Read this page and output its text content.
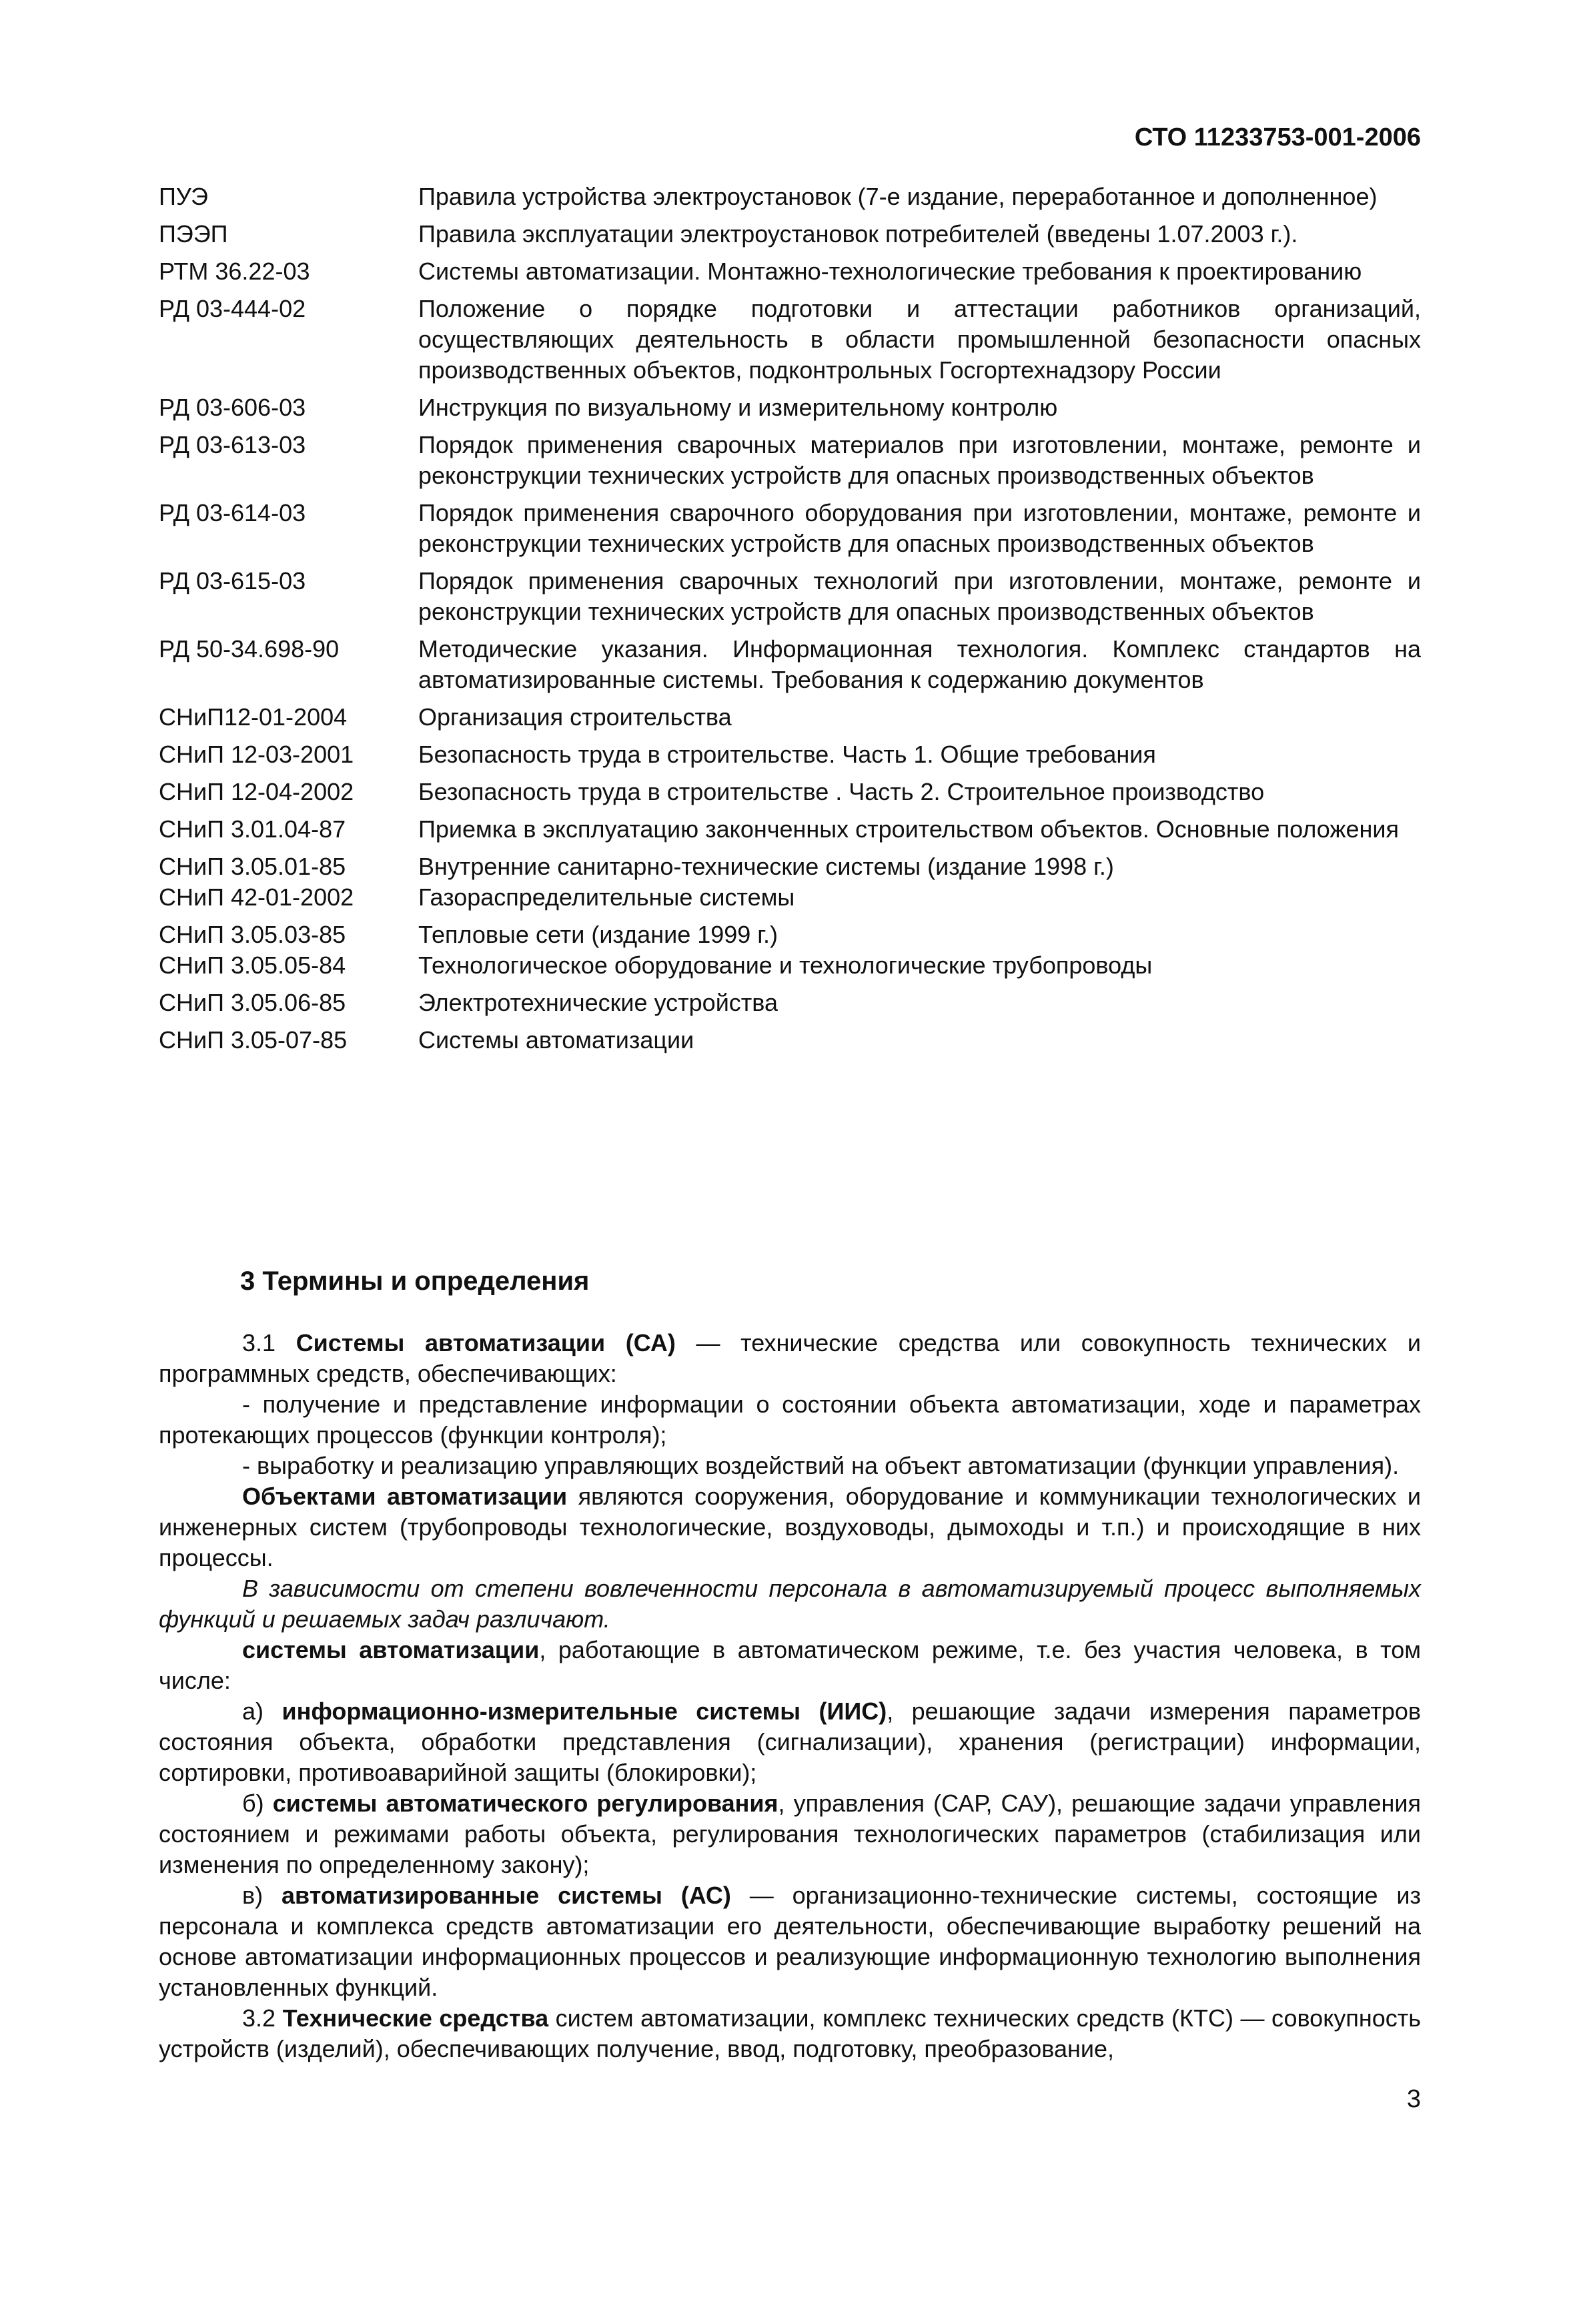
СТО 11233753-001-2006
ПУЭ	Правила устройства электроустановок (7-е издание, переработанное и дополненное)
ПЭЭП	Правила эксплуатации электроустановок потребителей (введены 1.07.2003 г.).
РТМ 36.22-03	Системы автоматизации. Монтажно-технологические требования к проектированию
РД 03-444-02	Положение о порядке подготовки и аттестации работников организаций, осуществляющих деятельность в области промышленной безопасности опасных производственных объектов, подконтрольных Госгортехнадзору России
РД 03-606-03	Инструкция по визуальному и измерительному контролю
РД 03-613-03	Порядок применения сварочных материалов при изготовлении, монтаже, ремонте и реконструкции технических устройств для опасных производственных объектов
РД 03-614-03	Порядок применения сварочного оборудования при изготовлении, монтаже, ремонте и реконструкции технических устройств для опасных производственных объектов
РД 03-615-03	Порядок применения сварочных технологий при изготовлении, монтаже, ремонте и реконструкции технических устройств для опасных производственных объектов
РД 50-34.698-90	Методические указания. Информационная технология. Комплекс стандартов на автоматизированные системы. Требования к содержанию документов
СНиП12-01-2004	Организация строительства
СНиП 12-03-2001	Безопасность труда в строительстве. Часть 1. Общие требования
СНиП 12-04-2002	Безопасность труда в строительстве . Часть 2. Строительное производство
СНиП 3.01.04-87	Приемка в эксплуатацию законченных строительством объектов. Основные положения
СНиП 3.05.01-85	Внутренние санитарно-технические системы (издание 1998 г.)
СНиП 42-01-2002	Газораспределительные системы
СНиП 3.05.03-85	Тепловые сети (издание 1999 г.)
СНиП 3.05.05-84	Технологическое оборудование и технологические трубопроводы
СНиП 3.05.06-85	Электротехнические устройства
СНиП 3.05-07-85	Системы автоматизации
3 Термины и определения

3.1 Системы автоматизации (СА) — технические средства или совокупность технических и программных средств, обеспечивающих:

- получение и представление информации о состоянии объекта автоматизации, ходе и параметрах протекающих процессов (функции контроля);

- выработку и реализацию управляющих воздействий на объект автоматизации (функции управления).

Объектами автоматизации являются сооружения, оборудование и коммуникации технологических и инженерных систем (трубопроводы технологические, воздуховоды, дымоходы и т.п.) и происходящие в них процессы.

В зависимости от степени вовлеченности персонала в автоматизируемый процесс выполняемых функций и решаемых задач различают.

системы автоматизации, работающие в автоматическом режиме, т.е. без участия человека, в том числе:

а) информационно-измерительные системы (ИИС), решающие задачи измерения параметров состояния объекта, обработки представления (сигнализации), хранения (регистрации) информации, сортировки, противоаварийной защиты (блокировки);

б) системы автоматического регулирования, управления (САР, САУ), решающие задачи управления состоянием и режимами работы объекта, регулирования технологических параметров (стабилизация или изменения по определенному закону);

в) автоматизированные системы (АС) — организационно-технические системы, состоящие из персонала и комплекса средств автоматизации его деятельности, обеспечивающие выработку решений на основе автоматизации информационных процессов и реализующие информационную технологию выполнения установленных функций.

3.2 Технические средства систем автоматизации, комплекс технических средств (КТС) — совокупность устройств (изделий), обеспечивающих получение, ввод, подготовку, преобразование,

3
